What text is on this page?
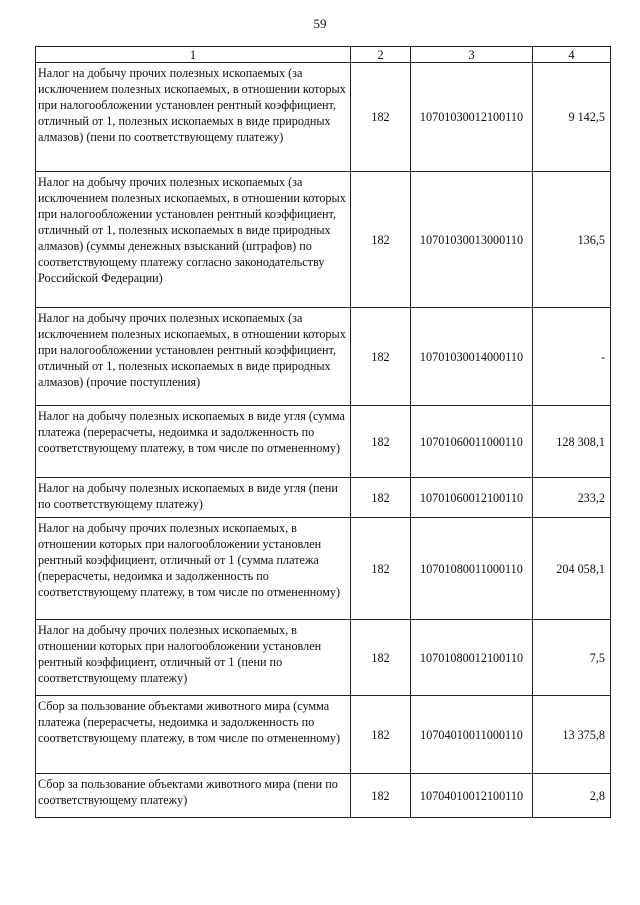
59
1	2	3	4
Налог на добычу прочих полезных ископаемых (за исключением полезных ископаемых, в отношении которых при налогообложении установлен рентный коэффициент, отличный от 1, полезных ископаемых в виде природных алмазов) (пени по соответствующему платежу)	182	10701030012100110	9 142,5
Налог на добычу прочих полезных ископаемых (за исключением полезных ископаемых, в отношении которых при налогообложении установлен рентный коэффициент, отличный от 1, полезных ископаемых в виде природных алмазов) (суммы денежных взысканий (штрафов) по соответствующему платежу согласно законодательству Российской Федерации)	182	10701030013000110	136,5
Налог на добычу прочих полезных ископаемых (за исключением полезных ископаемых, в отношении которых при налогообложении установлен рентный коэффициент, отличный от 1, полезных ископаемых в виде природных алмазов) (прочие поступления)	182	10701030014000110	-
Налог на добычу полезных ископаемых в виде угля (сумма платежа (перерасчеты, недоимка и задолженность по соответствующему платежу, в том числе по отмененному)	182	10701060011000110	128 308,1
Налог на добычу полезных ископаемых в виде угля (пени по соответствующему платежу)	182	10701060012100110	233,2
Налог на добычу прочих полезных ископаемых, в отношении которых при налогообложении установлен рентный коэффициент, отличный от 1 (сумма платежа (перерасчеты, недоимка и задолженность по соответствующему платежу, в том числе по отмененному)	182	10701080011000110	204 058,1
Налог на добычу прочих полезных ископаемых, в отношении которых при налогообложении установлен рентный коэффициент, отличный от 1 (пени по соответствующему платежу)	182	10701080012100110	7,5
Сбор за пользование объектами животного мира (сумма платежа (перерасчеты, недоимка и задолженность по соответствующему платежу, в том числе по отмененному)	182	10704010011000110	13 375,8
Сбор за пользование объектами животного мира (пени по соответствующему платежу)	182	10704010012100110	2,8
